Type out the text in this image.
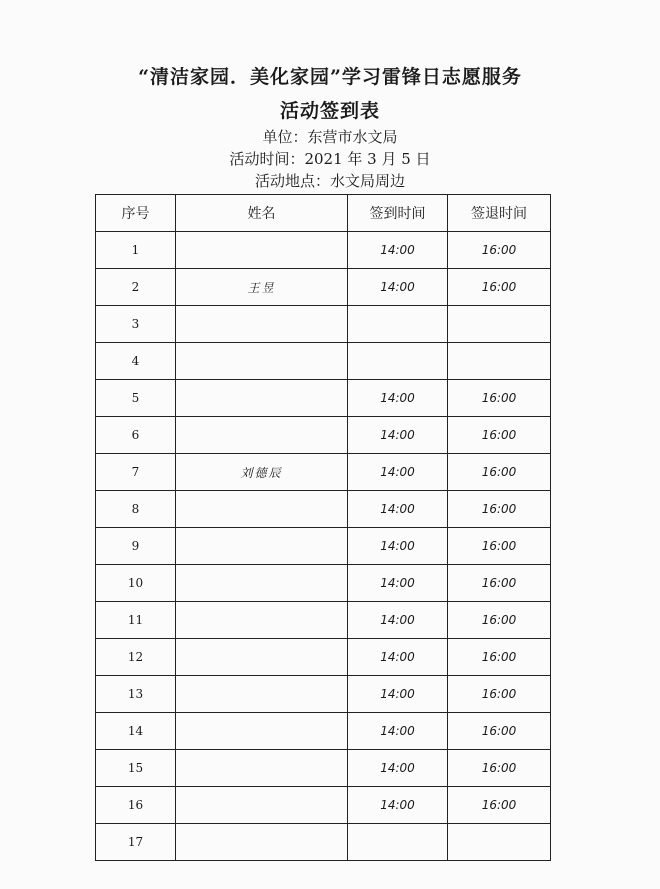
“清洁家园．美化家园”学习雷锋日志愿服务
活动签到表
单位：东营市水文局
活动时间：2021 年 3 月 5 日
活动地点：水文局周边
序号	姓名	签到时间	签退时间
1		14:00	16:00
2	王昱	14:00	16:00
3			
4			
5		14:00	16:00
6		14:00	16:00
7	刘德辰	14:00	16:00
8		14:00	16:00
9		14:00	16:00
10		14:00	16:00
11		14:00	16:00
12		14:00	16:00
13		14:00	16:00
14		14:00	16:00
15		14:00	16:00
16		14:00	16:00
17			
